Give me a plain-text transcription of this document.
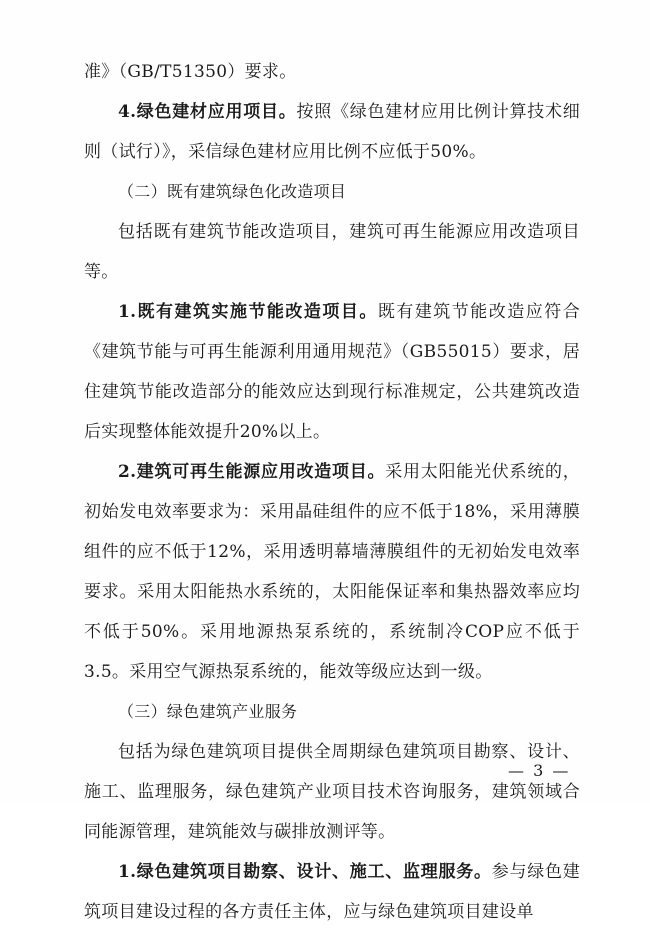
准》（GB/T51350）要求。

4.绿色建材应用项目。按照《绿色建材应用比例计算技术细则（试行）》，采信绿色建材应用比例不应低于50%。

（二）既有建筑绿色化改造项目

包括既有建筑节能改造项目，建筑可再生能源应用改造项目等。

1.既有建筑实施节能改造项目。既有建筑节能改造应符合《建筑节能与可再生能源利用通用规范》（GB55015）要求，居住建筑节能改造部分的能效应达到现行标准规定，公共建筑改造后实现整体能效提升20%以上。

2.建筑可再生能源应用改造项目。采用太阳能光伏系统的，初始发电效率要求为：采用晶硅组件的应不低于18%，采用薄膜组件的应不低于12%，采用透明幕墙薄膜组件的无初始发电效率要求。采用太阳能热水系统的，太阳能保证率和集热器效率应均不低于50%。采用地源热泵系统的，系统制冷COP应不低于3.5。采用空气源热泵系统的，能效等级应达到一级。

（三）绿色建筑产业服务

包括为绿色建筑项目提供全周期绿色建筑项目勘察、设计、施工、监理服务，绿色建筑产业项目技术咨询服务，建筑领域合同能源管理，建筑能效与碳排放测评等。

1.绿色建筑项目勘察、设计、施工、监理服务。参与绿色建筑项目建设过程的各方责任主体，应与绿色建筑项目建设单

— 3 —
